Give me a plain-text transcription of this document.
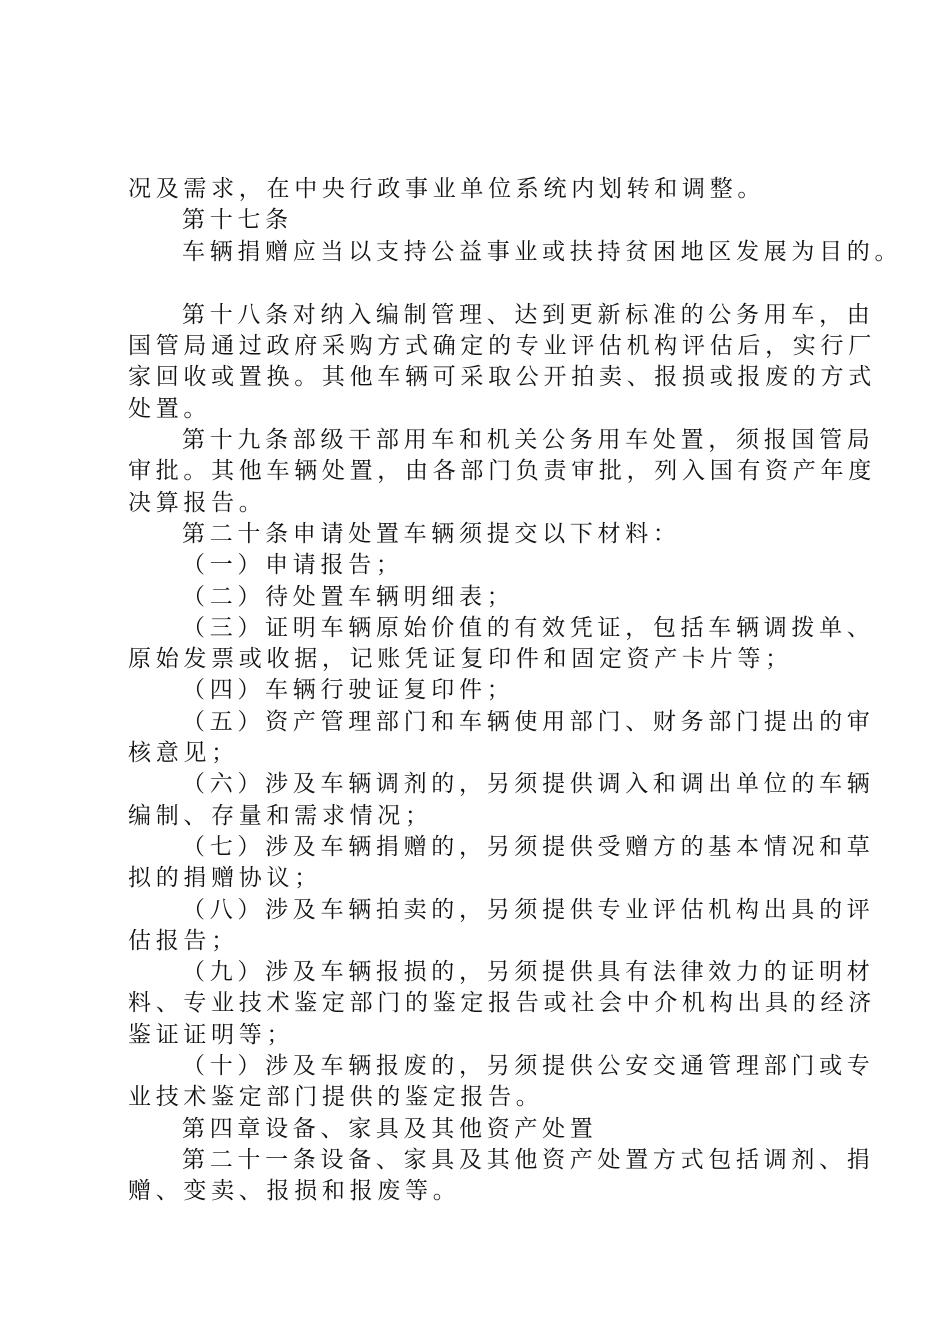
况及需求，在中央行政事业单位系统内划转和调整。

第十七条

车辆捐赠应当以支持公益事业或扶持贫困地区发展为目的。

第十八条对纳入编制管理、达到更新标准的公务用车，由

国管局通过政府采购方式确定的专业评估机构评估后，实行厂

家回收或置换。其他车辆可采取公开拍卖、报损或报废的方式

处置。

第十九条部级干部用车和机关公务用车处置，须报国管局

审批。其他车辆处置，由各部门负责审批，列入国有资产年度

决算报告。

第二十条申请处置车辆须提交以下材料：

（一）申请报告；

（二）待处置车辆明细表；

（三）证明车辆原始价值的有效凭证，包括车辆调拨单、

原始发票或收据，记账凭证复印件和固定资产卡片等；

（四）车辆行驶证复印件；

（五）资产管理部门和车辆使用部门、财务部门提出的审

核意见；

（六）涉及车辆调剂的，另须提供调入和调出单位的车辆

编制、存量和需求情况；

（七）涉及车辆捐赠的，另须提供受赠方的基本情况和草

拟的捐赠协议；

（八）涉及车辆拍卖的，另须提供专业评估机构出具的评

估报告；

（九）涉及车辆报损的，另须提供具有法律效力的证明材

料、专业技术鉴定部门的鉴定报告或社会中介机构出具的经济

鉴证证明等；

（十）涉及车辆报废的，另须提供公安交通管理部门或专

业技术鉴定部门提供的鉴定报告。

第四章设备、家具及其他资产处置

第二十一条设备、家具及其他资产处置方式包括调剂、捐

赠、变卖、报损和报废等。
